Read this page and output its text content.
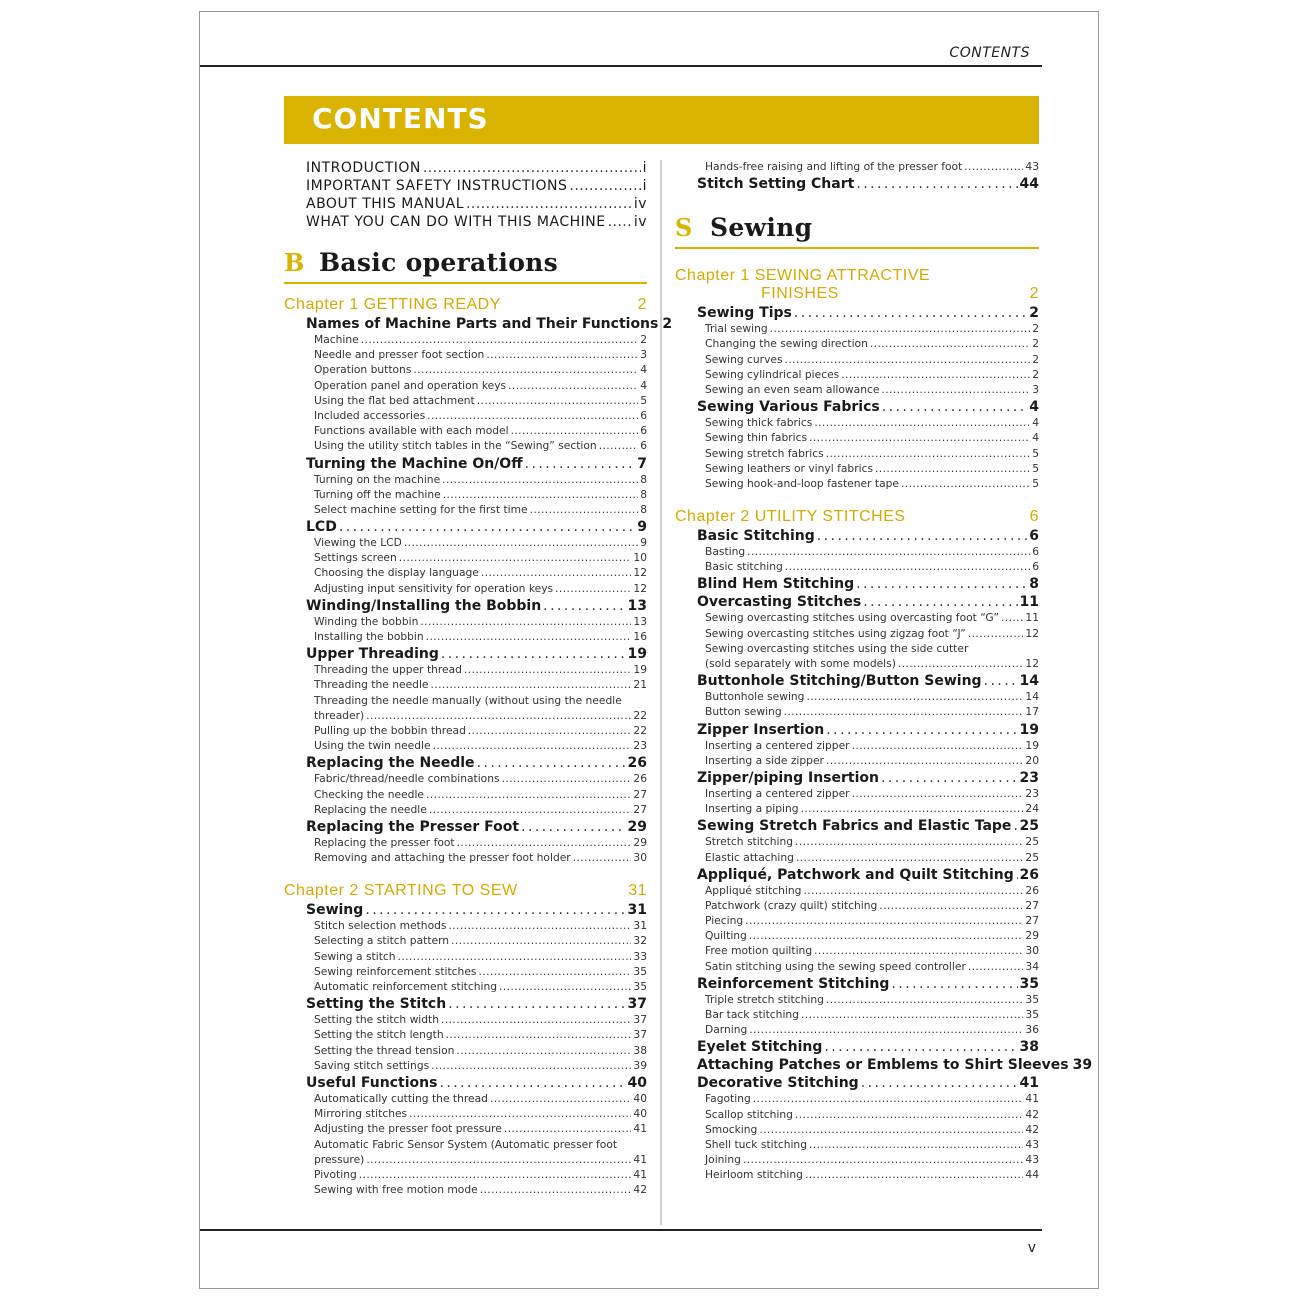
CONTENTS
CONTENTS
INTRODUCTION . . .	i
IMPORTANT SAFETY INSTRUCTIONS . . .	i
ABOUT THIS MANUAL . . .	iv
WHAT YOU CAN DO WITH THIS MACHINE . . . iv
B Basic operations
Chapter 1 GETTING READY	2
Names of Machine Parts and Their Functions 2
Machine . . .	2
Needle and presser foot section . . .	3
Operation buttons . . .	4
Operation panel and operation keys . . .	4
Using the flat bed attachment . . .	5
Included accessories . . .	6
Functions available with each model . . .	6
Using the utility stitch tables in the “Sewing” section . . .	6
Turning the Machine On/Off . . .	7
Turning on the machine . . .	8
Turning off the machine . . .	8
Select machine setting for the first time . . .	8
LCD . . .	9
Viewing the LCD . . .	9
Settings screen . . .	10
Choosing the display language . . .	12
Adjusting input sensitivity for operation keys . . .	12
Winding/Installing the Bobbin . . .	13
Winding the bobbin . . .	13
Installing the bobbin . . .	16
Upper Threading . . .	19
Threading the upper thread . . .	19
Threading the needle . . .	21
Threading the needle manually (without using the needle
threader) . . .	22
Pulling up the bobbin thread . . .	22
Using the twin needle . . .	23
Replacing the Needle . . .	26
Fabric/thread/needle combinations . . .	26
Checking the needle . . .	27
Replacing the needle . . .	27
Replacing the Presser Foot . . .	29
Replacing the presser foot . . .	29
Removing and attaching the presser foot holder . . .	30
Chapter 2 STARTING TO SEW	31
Sewing . . .	31
Stitch selection methods . . .	31
Selecting a stitch pattern . . .	32
Sewing a stitch . . .	33
Sewing reinforcement stitches . . .	35
Automatic reinforcement stitching . . .	35
Setting the Stitch . . .	37
Setting the stitch width . . .	37
Setting the stitch length . . .	37
Setting the thread tension . . .	38
Saving stitch settings . . .	39
Useful Functions . . .	40
Automatically cutting the thread . . .	40
Mirroring stitches . . .	40
Adjusting the presser foot pressure . . .	41
Automatic Fabric Sensor System (Automatic presser foot
pressure) . . .	41
Pivoting . . .	41
Sewing with free motion mode . . .	42
Hands-free raising and lifting of the presser foot . . .	43
Stitch Setting Chart . . .	44
S Sewing
Chapter 1 SEWING ATTRACTIVE
FINISHES	2
Sewing Tips . . .	2
Trial sewing . . .	2
Changing the sewing direction . . .	2
Sewing curves . . .	2
Sewing cylindrical pieces . . .	2
Sewing an even seam allowance . . .	3
Sewing Various Fabrics . . .	4
Sewing thick fabrics . . .	4
Sewing thin fabrics . . .	4
Sewing stretch fabrics . . .	5
Sewing leathers or vinyl fabrics . . .	5
Sewing hook-and-loop fastener tape . . .	5
Chapter 2 UTILITY STITCHES	6
Basic Stitching . . .	6
Basting . . .	6
Basic stitching . . .	6
Blind Hem Stitching . . .	8
Overcasting Stitches . . .	11
Sewing overcasting stitches using overcasting foot “G” . . . 11
Sewing overcasting stitches using zigzag foot “J” . . .	12
Sewing overcasting stitches using the side cutter
(sold separately with some models) . . .	12
Buttonhole Stitching/Button Sewing . . .	14
Buttonhole sewing . . .	14
Button sewing . . .	17
Zipper Insertion . . .	19
Inserting a centered zipper . . .	19
Inserting a side zipper . . .	20
Zipper/piping Insertion . . .	23
Inserting a centered zipper . . .	23
Inserting a piping . . .	24
Sewing Stretch Fabrics and Elastic Tape . . . 25
Stretch stitching . . .	25
Elastic attaching . . .	25
Appliqué, Patchwork and Quilt Stitching . . . 26
Appliqué stitching . . .	26
Patchwork (crazy quilt) stitching . . .	27
Piecing . . .	27
Quilting . . .	29
Free motion quilting . . .	30
Satin stitching using the sewing speed controller . . .	34
Reinforcement Stitching . . .	35
Triple stretch stitching . . .	35
Bar tack stitching . . .	35
Darning . . .	36
Eyelet Stitching . . .	38
Attaching Patches or Emblems to Shirt Sleeves 39
Decorative Stitching . . .	41
Fagoting . . .	41
Scallop stitching . . .	42
Smocking . . .	42
Shell tuck stitching . . .	43
Joining . . .	43
Heirloom stitching . . .	44
v
